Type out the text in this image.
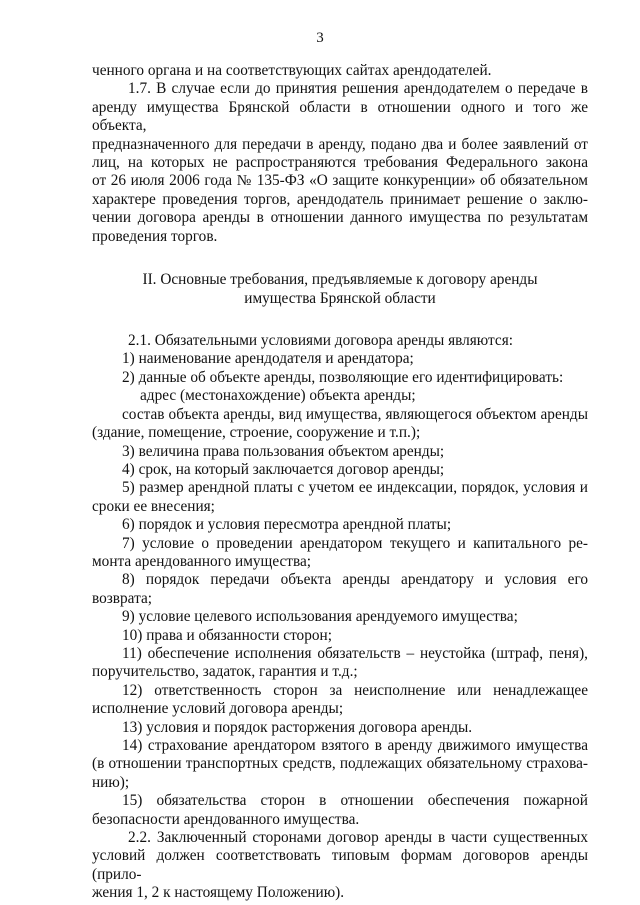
3

ченного органа и на соответствующих сайтах арендодателей.

1.7. В случае если до принятия решения арендодателем о передаче в

аренду имущества Брянской области в отношении одного и того же объекта,

предназначенного для передачи в аренду, подано два и более заявлений от

лиц, на которых не распространяются требования Федерального закона

от 26 июля 2006 года № 135-ФЗ «О защите конкуренции» об обязательном

характере проведения торгов, арендодатель принимает решение о заклю-

чении договора аренды в отношении данного имущества по результатам

проведения торгов.

II. Основные требования, предъявляемые к договору аренды
имущества Брянской области

2.1. Обязательными условиями договора аренды являются:

1) наименование арендодателя и арендатора;

2) данные об объекте аренды, позволяющие его идентифицировать:

адрес (местонахождение) объекта аренды;

состав объекта аренды, вид имущества, являющегося объектом аренды

(здание, помещение, строение, сооружение и т.п.);

3) величина права пользования объектом аренды;

4) срок, на который заключается договор аренды;

5) размер арендной платы с учетом ее индексации, порядок, условия и

сроки ее внесения;

6) порядок и условия пересмотра арендной платы;

7) условие о проведении арендатором текущего и капитального ре-

монта арендованного имущества;

8) порядок передачи объекта аренды арендатору и условия его

возврата;

9) условие целевого использования арендуемого имущества;

10) права и обязанности сторон;

11) обеспечение исполнения обязательств – неустойка (штраф, пеня),

поручительство, задаток, гарантия и т.д.;

12) ответственность сторон за неисполнение или ненадлежащее

исполнение условий договора аренды;

13) условия и порядок расторжения договора аренды.

14) страхование арендатором взятого в аренду движимого имущества

(в отношении транспортных средств, подлежащих обязательному страхова-

нию);

15) обязательства сторон в отношении обеспечения пожарной

безопасности арендованного имущества.

2.2. Заключенный сторонами договор аренды в части существенных

условий должен соответствовать типовым формам договоров аренды (прило-

жения 1, 2 к настоящему Положению).
